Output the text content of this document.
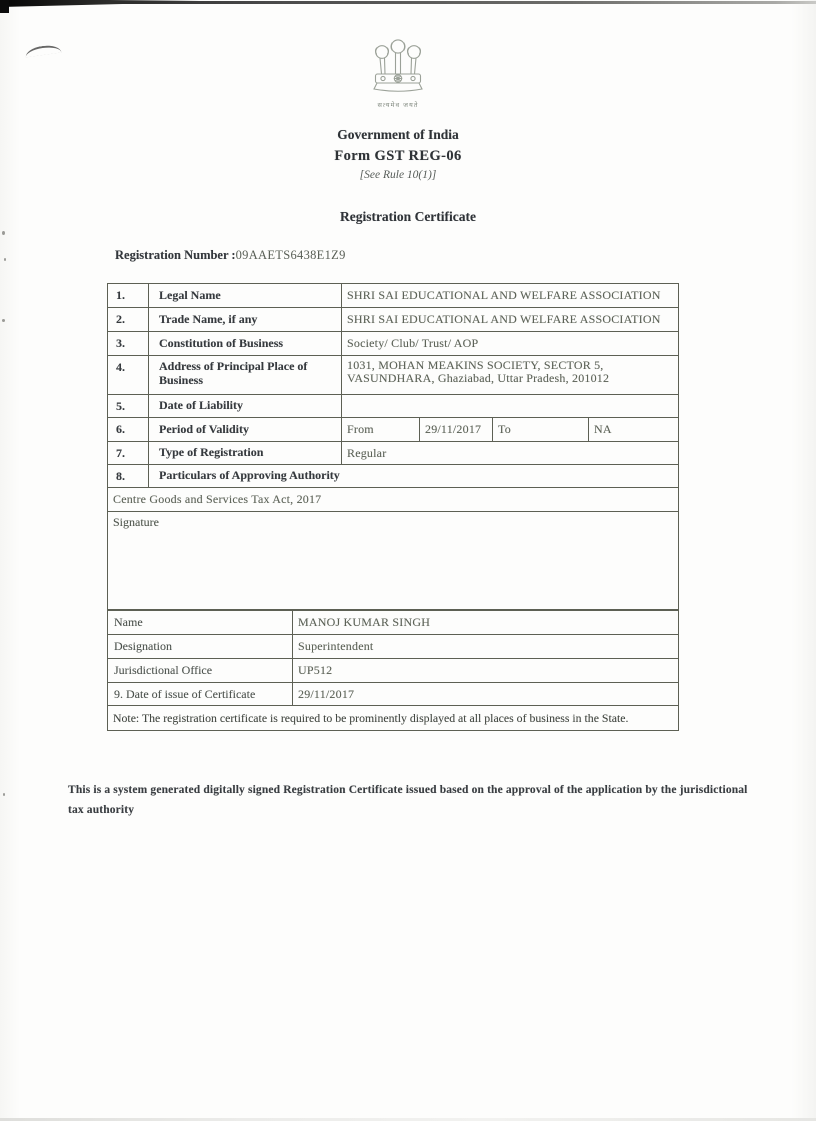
सत्यमेव जयते
Government of India
Form GST REG-06
[See Rule 10(1)]
Registration Certificate
Registration Number :09AAETS6438E1Z9
1.	Legal Name	SHRI SAI EDUCATIONAL AND WELFARE ASSOCIATION			
2.	Trade Name, if any	SHRI SAI EDUCATIONAL AND WELFARE ASSOCIATION			
3.	Constitution of Business	Society/ Club/ Trust/ AOP			
4.	Address of Principal Place of Business	1031, MOHAN MEAKINS SOCIETY, SECTOR 5,
VASUNDHARA, Ghaziabad, Uttar Pradesh, 201012			

5.	Date of Liability				
6.	Period of Validity	From	29/11/2017	To	NA
7.	Type of Registration	Regular			
8.	Particulars of Approving Authority				
Centre Goods and Services Tax Act, 2017					
Signature					
Name	MANOJ KUMAR SINGH
Designation	Superintendent
Jurisdictional Office	UP512
9. Date of issue of Certificate	29/11/2017
Note: The registration certificate is required to be prominently displayed at all places of business in the State.	
This is a system generated digitally signed Registration Certificate issued based on the approval of the application by the jurisdictional
tax authority
